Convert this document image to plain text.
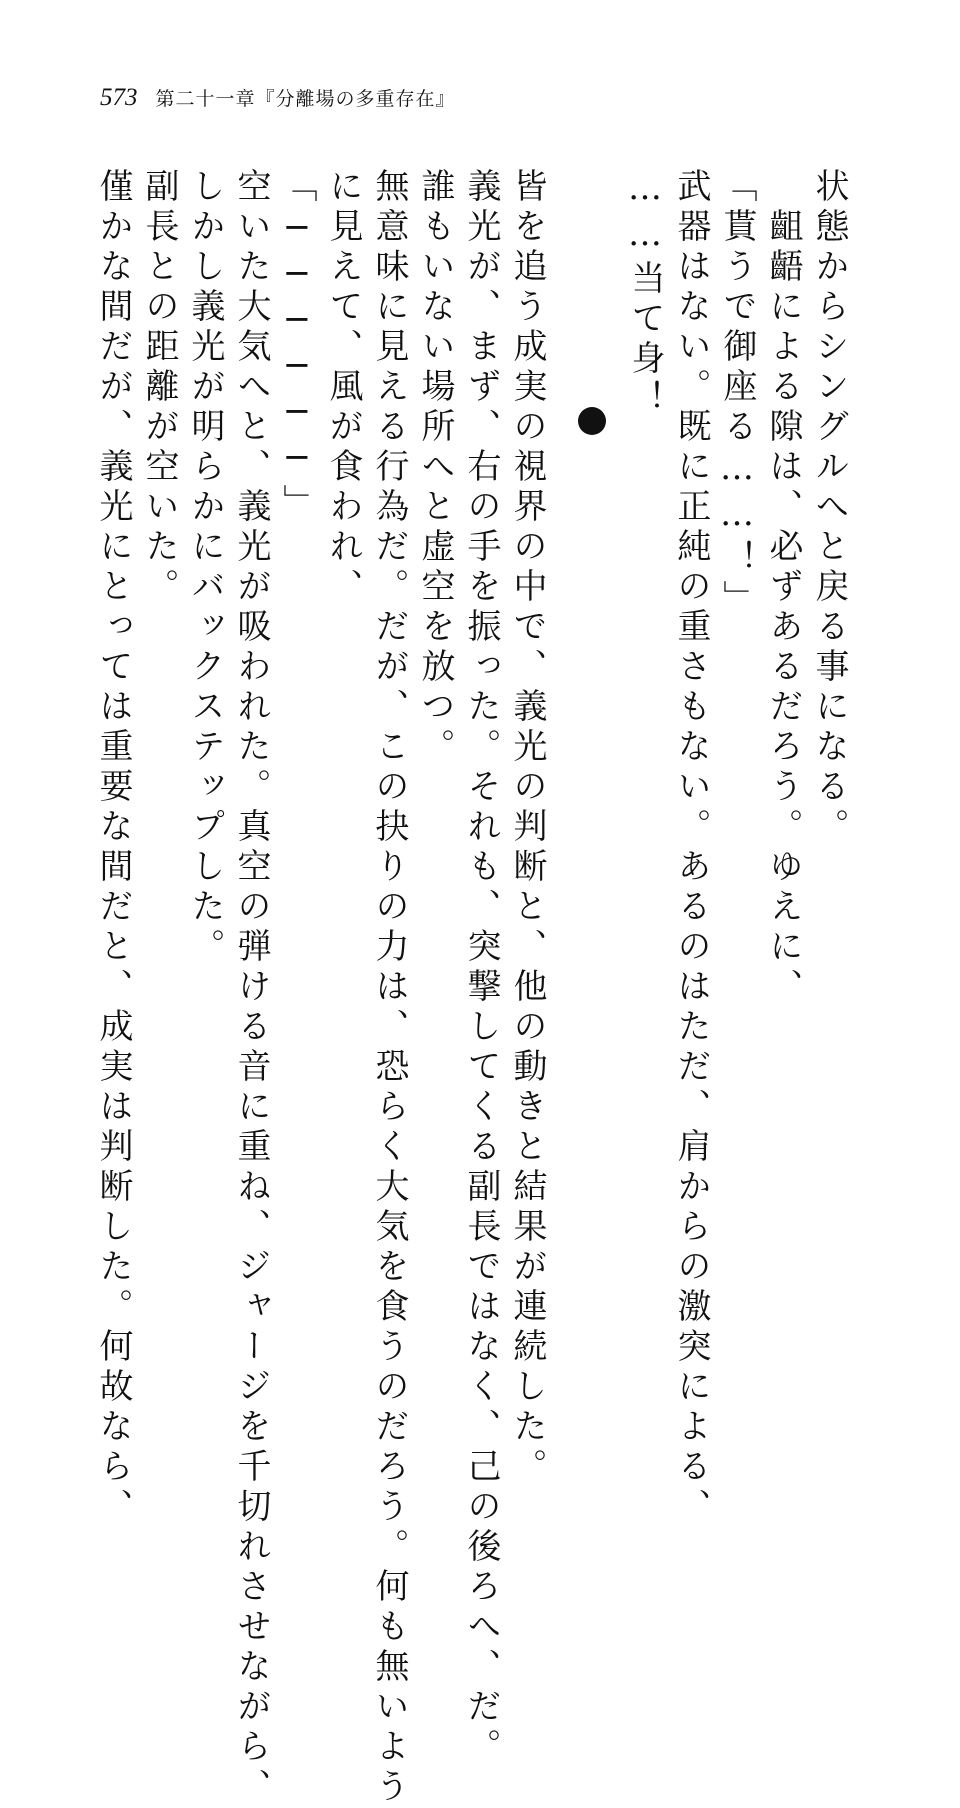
573 第二十一章『分離場の多重存在』
状態からシングルへと戻る事になる。
齟齬による隙は、必ずあるだろう。ゆえに、
「貰うで御座る……！」
武器はない。既に正純の重さもない。あるのはただ、肩からの激突による、
……当て身！
皆を追う成実の視界の中で、義光の判断と、他の動きと結果が連続した。
義光が、まず、右の手を振った。それも、突撃してくる副長ではなく、己の後ろへ、だ。
誰もいない場所へと虚空を放つ。
無意味に見える行為だ。だが、この抉りの力は、恐らく大気を食うのだろう。何も無いよう
に見えて、風が食われ、
「──────」
空いた大気へと、義光が吸われた。真空の弾ける音に重ね、ジャージを千切れさせながら、
しかし義光が明らかにバックステップした。
副長との距離が空いた。
僅かな間だが、義光にとっては重要な間だと、成実は判断した。何故なら、
